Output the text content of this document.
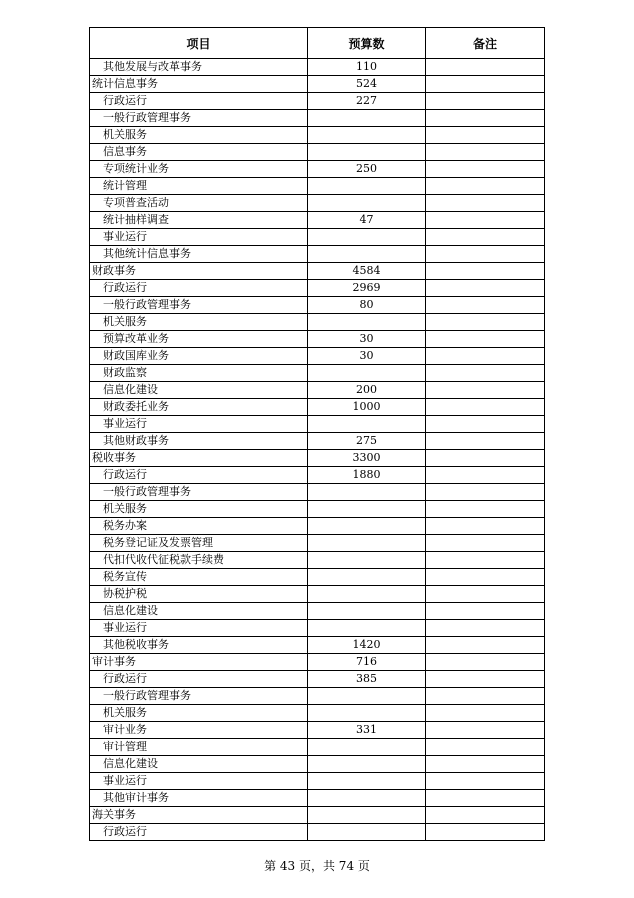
项目	预算数	备注
其他发展与改革事务	110	
统计信息事务	524	
行政运行	227	
一般行政管理事务		
机关服务		
信息事务		
专项统计业务	250	
统计管理		
专项普查活动		
统计抽样调查	47	
事业运行		
其他统计信息事务		
财政事务	4584	
行政运行	2969	
一般行政管理事务	80	
机关服务		
预算改革业务	30	
财政国库业务	30	
财政监察		
信息化建设	200	
财政委托业务	1000	
事业运行		
其他财政事务	275	
税收事务	3300	
行政运行	1880	
一般行政管理事务		
机关服务		
税务办案		
税务登记证及发票管理		
代扣代收代征税款手续费		
税务宣传		
协税护税		
信息化建设		
事业运行		
其他税收事务	1420	
审计事务	716	
行政运行	385	
一般行政管理事务		
机关服务		
审计业务	331	
审计管理		
信息化建设		
事业运行		
其他审计事务		
海关事务		
行政运行		
第 43 页，共 74 页
